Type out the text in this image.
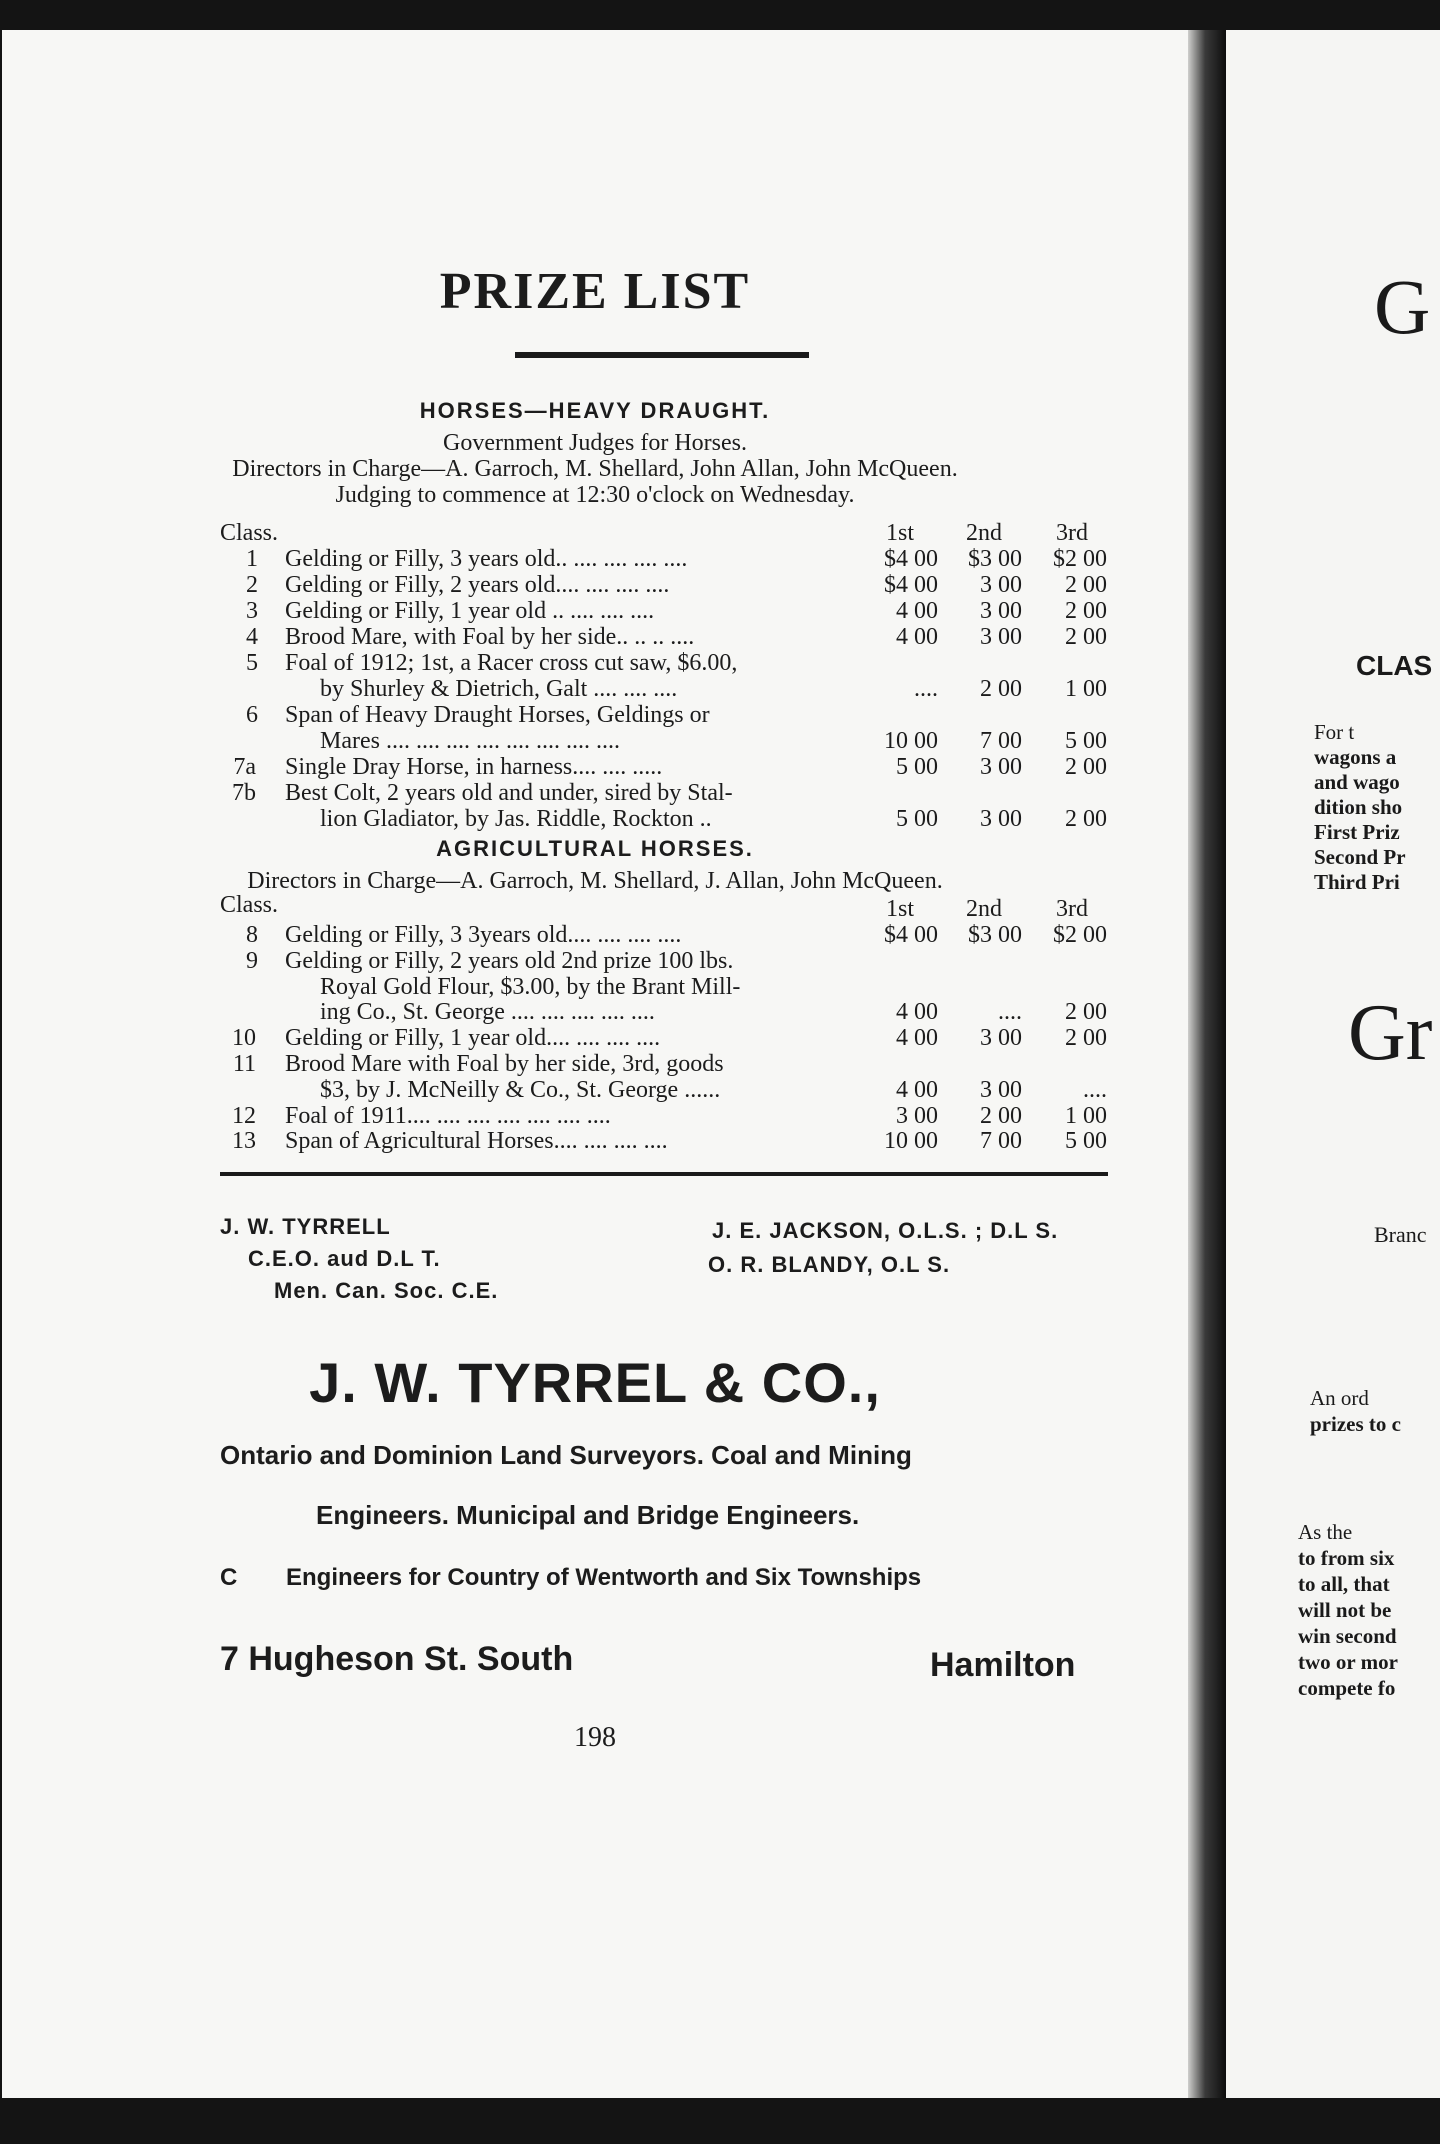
PRIZE LIST
HORSES—HEAVY DRAUGHT.
Government Judges for Horses.
Directors in Charge—A. Garroch, M. Shellard, John Allan, John McQueen.
Judging to commence at 12:30 o'clock on Wednesday.
Class.	1st 2nd 3rd
1 Gelding or Filly, 3 years old.. .... .... .... ....	$4 00	$3 00	$2 00
2 Gelding or Filly, 2 years old.... .... .... ....	$4 00	3 00	2 00
3 Gelding or Filly, 1 year old .. .... .... ....	4 00	3 00	2 00
4 Brood Mare, with Foal by her side.. .. .. ....	4 00	3 00	2 00
5 Foal of 1912; 1st, a Racer cross cut saw, $6.00,
by Shurley & Dietrich, Galt .... .... ....	....	2 00	1 00
6 Span of Heavy Draught Horses, Geldings or
Mares .... .... .... .... .... .... .... ....	10 00	7 00	5 00
7a Single Dray Horse, in harness.... .... .....	5 00	3 00	2 00
7b Best Colt, 2 years old and under, sired by Stal-
lion Gladiator, by Jas. Riddle, Rockton ..	5 00	3 00	2 00
AGRICULTURAL HORSES.
Directors in Charge—A. Garroch, M. Shellard, J. Allan, John McQueen.
Class.	1st 2nd 3rd
8 Gelding or Filly, 3 3years old.... .... .... ....	$4 00	$3 00	$2 00
9 Gelding or Filly, 2 years old 2nd prize 100 lbs.
Royal Gold Flour, $3.00, by the Brant Mill-
ing Co., St. George .... .... .... .... ....	4 00	....	2 00
10 Gelding or Filly, 1 year old.... .... .... ....	4 00	3 00	2 00
11 Brood Mare with Foal by her side, 3rd, goods
$3, by J. McNeilly & Co., St. George ......	4 00	3 00	....
12 Foal of 1911.... .... .... .... .... .... ....	3 00	2 00	1 00
13 Span of Agricultural Horses.... .... .... ....	10 00	7 00	5 00
J. W. TYRRELL
C.E.O. aud D.L T.
Men. Can. Soc. C.E.
J. E. JACKSON, O.L.S. ; D.L S.
O. R. BLANDY, O.L S.
J. W. TYRREL & CO.,
Ontario and Dominion Land Surveyors. Coal and Mining
Engineers. Municipal and Bridge Engineers.
C Engineers for Country of Wentworth and Six Townships
7 Hugheson St. South	Hamilton
198
G
CLAS
For t
wagons a
and wago
dition sho
First Priz
Second Pr
Third Pri
Gr
Branc
An ord
prizes to c
As the
to from six
to all, that
will not be
win second
two or mor
compete fo
